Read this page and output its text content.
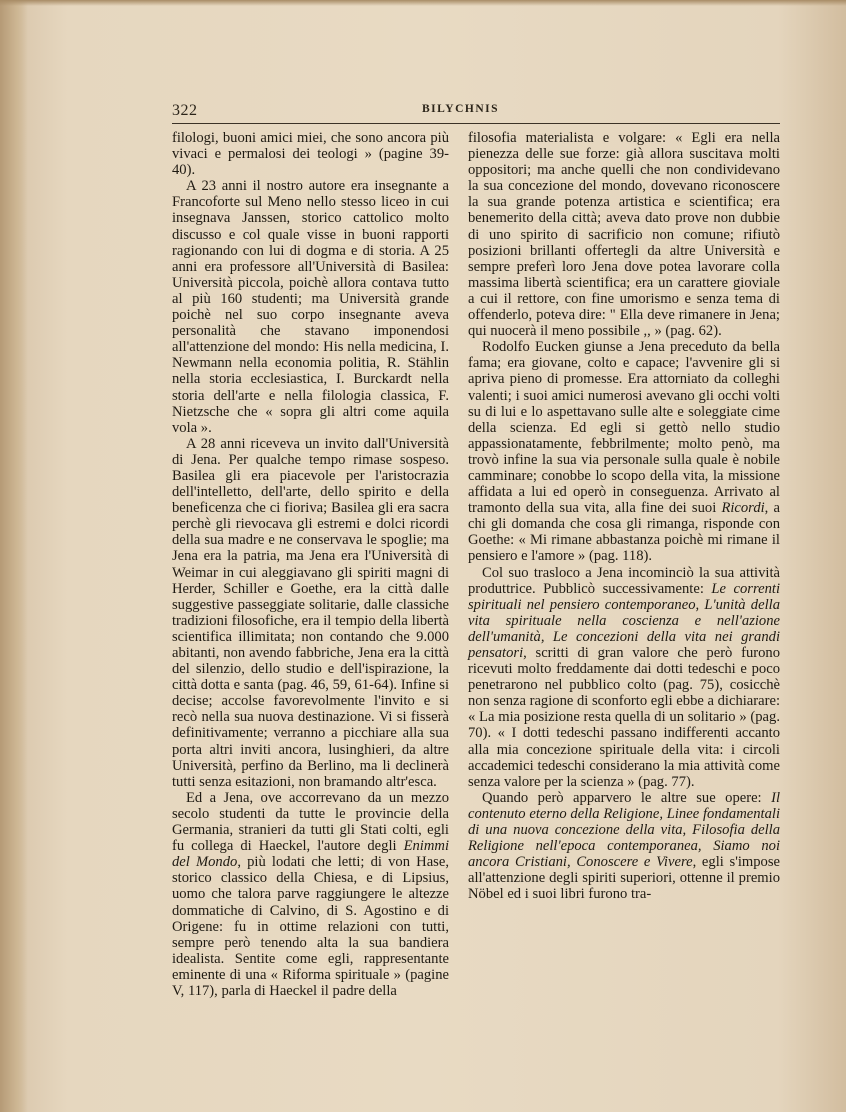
322	BILYCHNIS

filologi, buoni amici miei, che sono ancora più vivaci e permalosi dei teologi » (pagine 39-40).

A 23 anni il nostro autore era insegnante a Francoforte sul Meno nello stesso liceo in cui insegnava Janssen, storico cattolico molto discusso e col quale visse in buoni rapporti ragionando con lui di dogma e di storia. A 25 anni era professore all'Università di Basilea: Università piccola, poichè allora contava tutto al più 160 studenti; ma Università grande poichè nel suo corpo insegnante aveva personalità che stavano imponendosi all'attenzione del mondo: His nella medicina, I. Newmann nella economia politia, R. Stählin nella storia ecclesiastica, I. Burckardt nella storia dell'arte e nella filologia classica, F. Nietzsche che « sopra gli altri come aquila vola ».

A 28 anni riceveva un invito dall'Università di Jena. Per qualche tempo rimase sospeso. Basilea gli era piacevole per l'aristocrazia dell'intelletto, dell'arte, dello spirito e della beneficenza che ci fioriva; Basilea gli era sacra perchè gli rievocava gli estremi e dolci ricordi della sua madre e ne conservava le spoglie; ma Jena era la patria, ma Jena era l'Università di Weimar in cui aleggiavano gli spiriti magni di Herder, Schiller e Goethe, era la città dalle suggestive passeggiate solitarie, dalle classiche tradizioni filosofiche, era il tempio della libertà scientifica illimitata; non contando che 9.000 abitanti, non avendo fabbriche, Jena era la città del silenzio, dello studio e dell'ispirazione, la città dotta e santa (pag. 46, 59, 61-64). Infine si decise; accolse favorevolmente l'invito e si recò nella sua nuova destinazione. Vi si fisserà definitivamente; verranno a picchiare alla sua porta altri inviti ancora, lusinghieri, da altre Università, perfino da Berlino, ma li declinerà tutti senza esitazioni, non bramando altr'esca.

Ed a Jena, ove accorrevano da un mezzo secolo studenti da tutte le provincie della Germania, stranieri da tutti gli Stati colti, egli fu collega di Haeckel, l'autore degli Enimmi del Mondo, più lodati che letti; di von Hase, storico classico della Chiesa, e di Lipsius, uomo che talora parve raggiungere le altezze dommatiche di Calvino, di S. Agostino e di Origene: fu in ottime relazioni con tutti, sempre però tenendo alta la sua bandiera idealista. Sentite come egli, rappresentante eminente di una « Riforma spirituale » (pagine V, 117), parla di Haeckel il padre della

filosofia materialista e volgare: « Egli era nella pienezza delle sue forze: già allora suscitava molti oppositori; ma anche quelli che non condividevano la sua concezione del mondo, dovevano riconoscere la sua grande potenza artistica e scientifica; era benemerito della città; aveva dato prove non dubbie di uno spirito di sacrificio non comune; rifiutò posizioni brillanti offertegli da altre Università e sempre preferì loro Jena dove potea lavorare colla massima libertà scientifica; era un carattere gioviale a cui il rettore, con fine umorismo e senza tema di offenderlo, poteva dire: " Ella deve rimanere in Jena; qui nuocerà il meno possibile ,, » (pag. 62).

Rodolfo Eucken giunse a Jena preceduto da bella fama; era giovane, colto e capace; l'avvenire gli si apriva pieno di promesse. Era attorniato da colleghi valenti; i suoi amici numerosi avevano gli occhi volti su di lui e lo aspettavano sulle alte e soleggiate cime della scienza. Ed egli si gettò nello studio appassionatamente, febbrilmente; molto penò, ma trovò infine la sua via personale sulla quale è nobile camminare; conobbe lo scopo della vita, la missione affidata a lui ed operò in conseguenza. Arrivato al tramonto della sua vita, alla fine dei suoi Ricordi, a chi gli domanda che cosa gli rimanga, risponde con Goethe: « Mi rimane abbastanza poichè mi rimane il pensiero e l'amore » (pag. 118).

Col suo trasloco a Jena incominciò la sua attività produttrice. Pubblicò successivamente: Le correnti spirituali nel pensiero contemporaneo, L'unità della vita spirituale nella coscienza e nell'azione dell'umanità, Le concezioni della vita nei grandi pensatori, scritti di gran valore che però furono ricevuti molto freddamente dai dotti tedeschi e poco penetrarono nel pubblico colto (pag. 75), cosicchè non senza ragione di sconforto egli ebbe a dichiarare: « La mia posizione resta quella di un solitario » (pag. 70). « I dotti tedeschi passano indifferenti accanto alla mia concezione spirituale della vita: i circoli accademici tedeschi considerano la mia attività come senza valore per la scienza » (pag. 77).

Quando però apparvero le altre sue opere: Il contenuto eterno della Religione, Linee fondamentali di una nuova concezione della vita, Filosofia della Religione nell'epoca contemporanea, Siamo noi ancora Cristiani, Conoscere e Vivere, egli s'impose all'attenzione degli spiriti superiori, ottenne il premio Nöbel ed i suoi libri furono tra-
